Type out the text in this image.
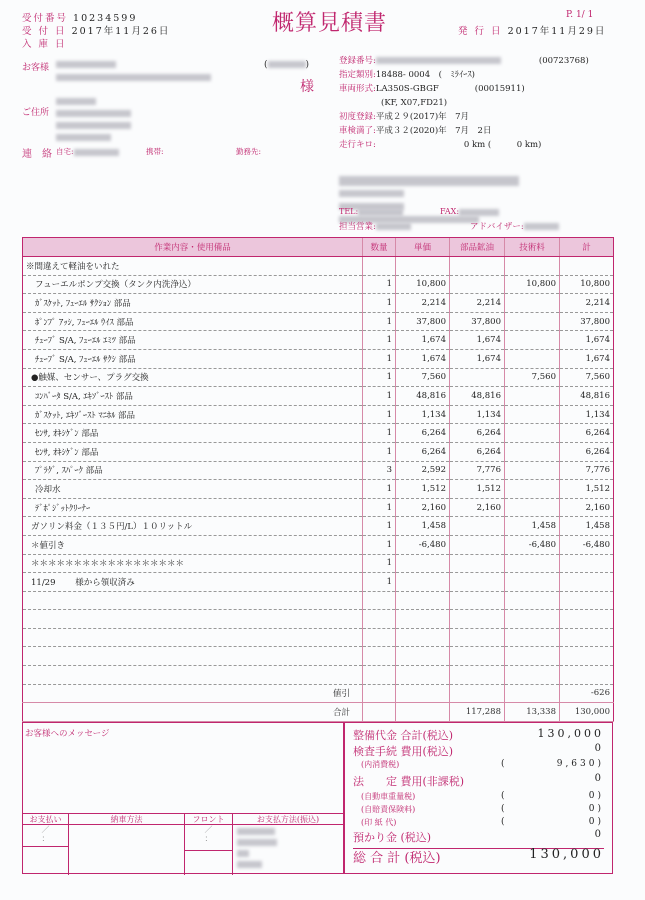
受付番号 10234599
受 付 日 2017年11月26日
入 庫 日
概算見積書	P. 1/ 1
発 行 日 2017年11月29日
お客様	(	)
様
ご住所

連　絡 自宅:	携帯:	勤務先:
登録番号:	(00723768)
指定類別:18488- 0004　(　ﾐﾗｲｰｽ)
車両形式:LA350S-GBGF	(00015911)
(KF, X07,FD21)
初度登録:平成２９(2017)年　7月
車検満了:平成３２(2020)年　7月　2日
走行キロ:	0 km (　　　0 km)

TEL:	FAX:
担当営業:	アドバイザー:
作業内容・使用備品	数量	単価	部品鉱油	技術料	計
※間違えて軽油をいれた					
フューエルポンプ交換（タンク内洗浄込）	1	10,800		10,800	10,800
ｶﾞｽｹｯﾄ, ﾌｭｰｴﾙ ｻｸｼｮﾝ 部品	1	2,214	2,214		2,214
ﾎﾟﾝﾌﾟ ｱｯｼ, ﾌｭｰｴﾙ ｳｲｽ 部品	1	37,800	37,800		37,800
ﾁｭｰﾌﾞ S/A, ﾌｭｰｴﾙ ｴﾐﾂ 部品	1	1,674	1,674		1,674
ﾁｭｰﾌﾞ S/A, ﾌｭｰｴﾙ ｻｸｼ 部品	1	1,674	1,674		1,674
●触媒、センサー、プラグ交換	1	7,560		7,560	7,560
ｺﾝﾊﾞｰﾀ S/A, ｴｷｿﾞｰｽﾄ 部品	1	48,816	48,816		48,816
ｶﾞｽｹｯﾄ, ｴｷｿﾞｰｽﾄ ﾏﾆﾎﾙ 部品	1	1,134	1,134		1,134
ｾﾝｻ, ｵｷｼｹﾞﾝ 部品	1	6,264	6,264		6,264
ｾﾝｻ, ｵｷｼｹﾞﾝ 部品	1	6,264	6,264		6,264
ﾌﾟﾗｸﾞ, ｽﾊﾟｰｸ 部品	3	2,592	7,776		7,776
冷却水	1	1,512	1,512		1,512
ﾃﾞﾎﾟｼﾞｯﾄｸﾘｰﾅｰ	1	2,160	2,160		2,160
ガソリン料金（１３５円/L）１０リットル	1	1,458		1,458	1,458
＊値引き	1	-6,480		-6,480	-6,480
＊＊＊＊＊＊＊＊＊＊＊＊＊＊＊＊＊＊	1				
11/29 　　様から領収済み	1				

値引					-626
合計			117,288	13,338	130,000
お客様へのメッセージ
お支払い
／
：
納車方法	フロント
／
：
お支払方法(振込)

整備代金 合計(税込)	130,000
検査手続 費用(税込)	0
(内消費税)	(	9,630)
法　　定 費用(非課税)	0
(自動車重量税)	(	0)
(自賠責保険料)	(	0)
(印 紙 代)	(	0)
預かり金 (税込)	0
総 合 計 (税込)	130,000
